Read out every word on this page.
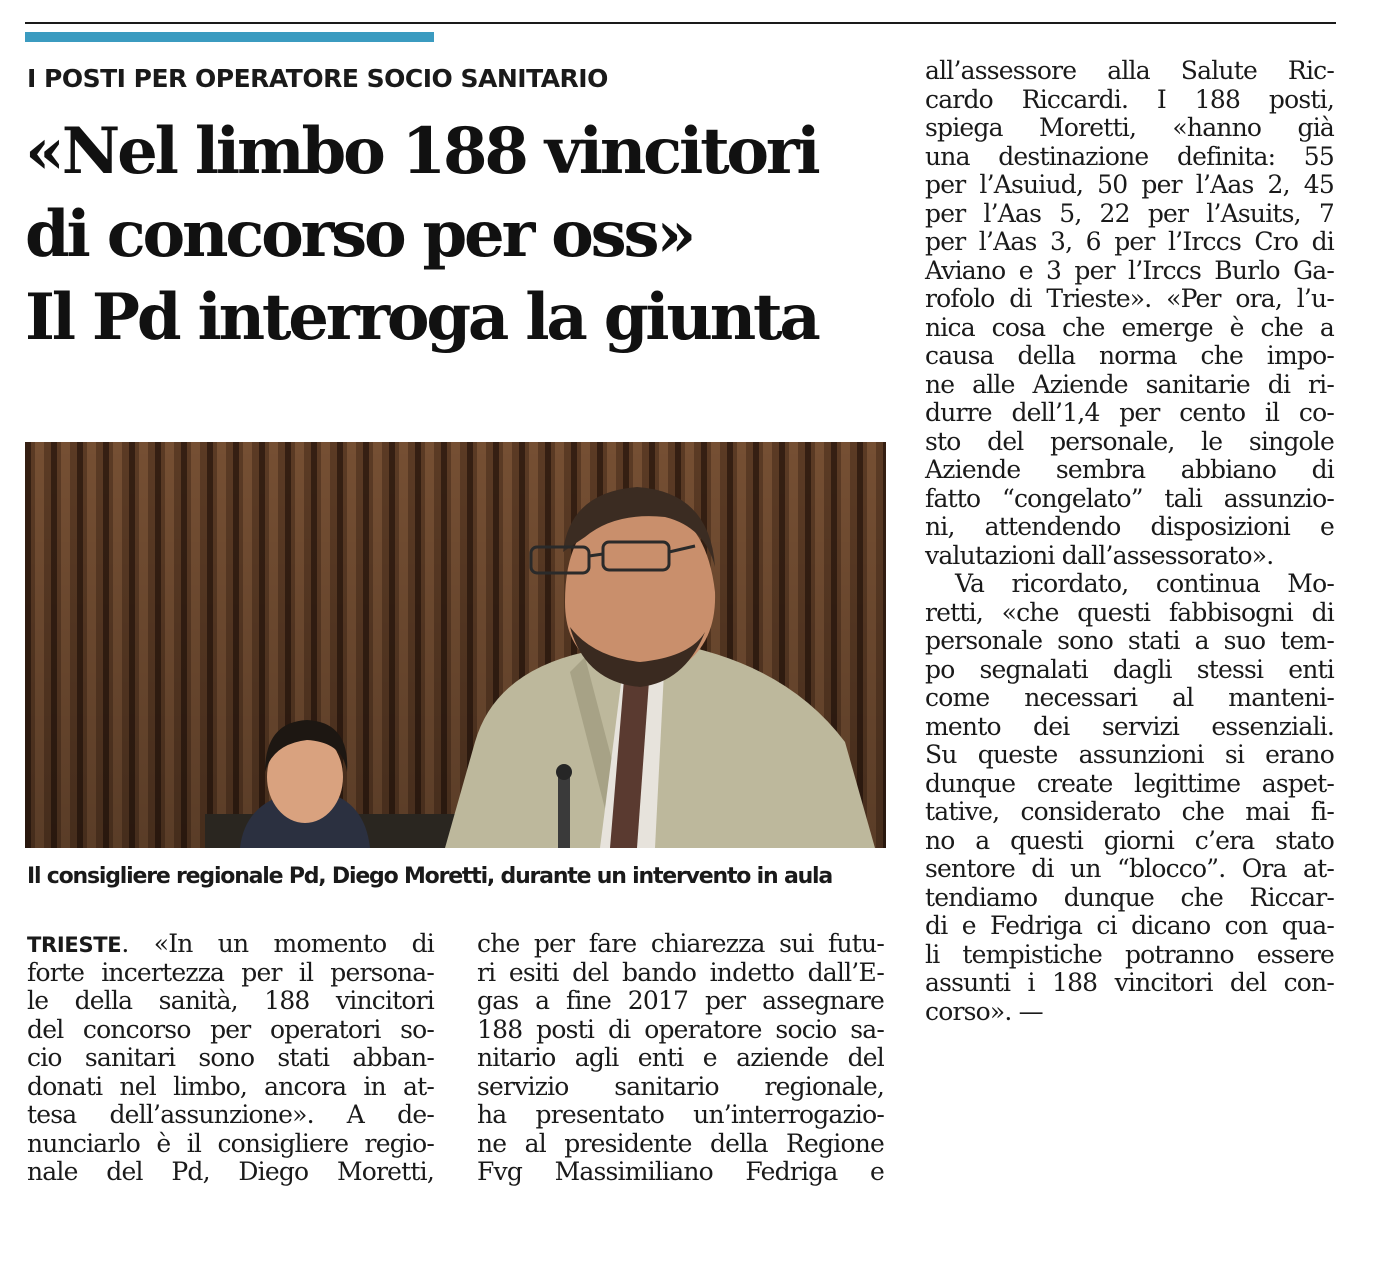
I POSTI PER OPERATORE SOCIO SANITARIO
«Nel limbo 188 vincitori
di concorso per oss»
Il Pd interroga la giunta
Il consigliere regionale Pd, Diego Moretti, durante un intervento in aula
TRIESTE. «In un momento di
forte incertezza per il persona-
le della sanità, 188 vincitori
del concorso per operatori so-
cio sanitari sono stati abban-
donati nel limbo, ancora in at-
tesa dell’assunzione». A de-
nunciarlo è il consigliere regio-
nale del Pd, Diego Moretti,
che per fare chiarezza sui futu-
ri esiti del bando indetto dall’E-
gas a fine 2017 per assegnare
188 posti di operatore socio sa-
nitario agli enti e aziende del
servizio sanitario regionale,
ha presentato un’interrogazio-
ne al presidente della Regione
Fvg Massimiliano Fedriga e
all’assessore alla Salute Ric-
cardo Riccardi. I 188 posti,
spiega Moretti, «hanno già
una destinazione definita: 55
per l’Asuiud, 50 per l’Aas 2, 45
per l’Aas 5, 22 per l’Asuits, 7
per l’Aas 3, 6 per l’Irccs Cro di
Aviano e 3 per l’Irccs Burlo Ga-
rofolo di Trieste». «Per ora, l’u-
nica cosa che emerge è che a
causa della norma che impo-
ne alle Aziende sanitarie di ri-
durre dell’1,4 per cento il co-
sto del personale, le singole
Aziende sembra abbiano di
fatto “congelato” tali assunzio-
ni, attendendo disposizioni e
valutazioni dall’assessorato».
Va ricordato, continua Mo-
retti, «che questi fabbisogni di
personale sono stati a suo tem-
po segnalati dagli stessi enti
come necessari al manteni-
mento dei servizi essenziali.
Su queste assunzioni si erano
dunque create legittime aspet-
tative, considerato che mai fi-
no a questi giorni c’era stato
sentore di un “blocco”. Ora at-
tendiamo dunque che Riccar-
di e Fedriga ci dicano con qua-
li tempistiche potranno essere
assunti i 188 vincitori del con-
corso». —
